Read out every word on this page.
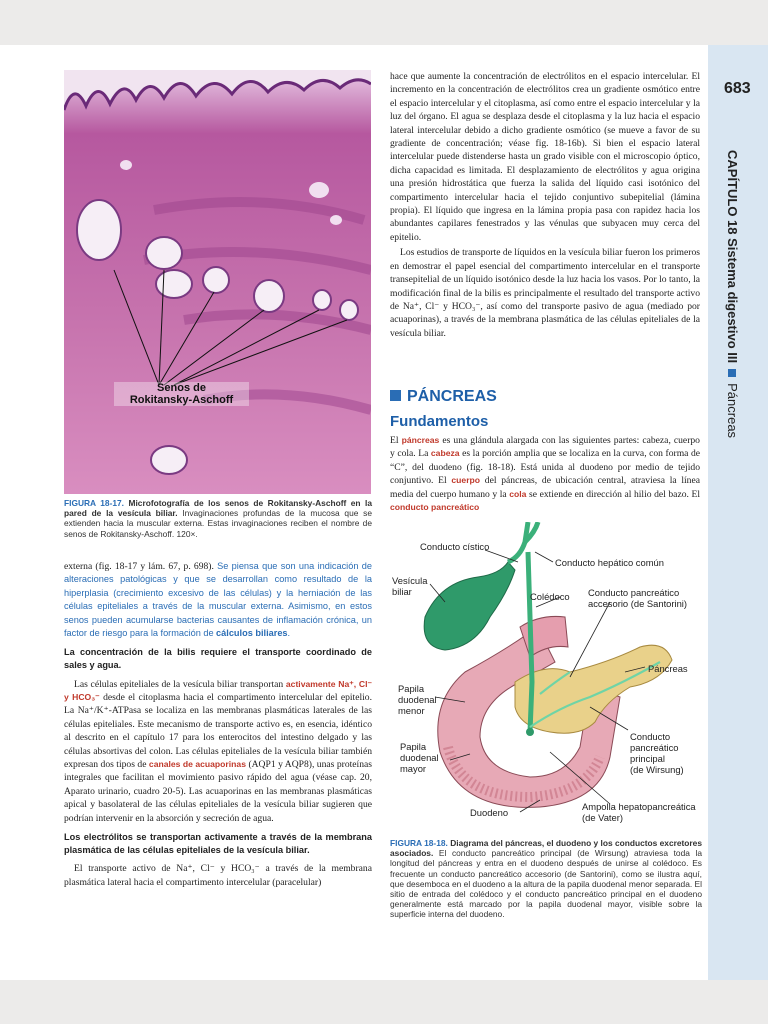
683
CAPÍTULO 18 Sistema digestivo IIIPáncreas
Senos de
Rokitansky-Aschoff
FIGURA 18-17. Microfotografía de los senos de Rokitansky-Aschoff en la pared de la vesícula biliar. Invaginaciones profundas de la mucosa que se extienden hacia la muscular externa. Estas invaginaciones reciben el nombre de senos de Rokitansky-Aschoff. 120×.

externa (fig. 18-17 y lám. 67, p. 698). Se piensa que son una indicación de alteraciones patológicas y que se desarrollan como resultado de la hiperplasia (crecimiento excesivo de las células) y la herniación de las células epiteliales a través de la muscular externa. Asimismo, en estos senos pueden acumularse bacterias causantes de inflamación crónica, un factor de riesgo para la formación de cálculos biliares.

La concentración de la bilis requiere el transporte coordinado de sales y agua.

Las células epiteliales de la vesícula biliar transportan activamente Na⁺, Cl⁻ y HCO₃⁻ desde el citoplasma hacia el compartimento intercelular del epitelio. La Na⁺/K⁺-ATPasa se localiza en las membranas plasmáticas laterales de las células epiteliales. Este mecanismo de transporte activo es, en esencia, idéntico al descrito en el capítulo 17 para los enterocitos del intestino delgado y las células absortivas del colon. Las células epiteliales de la vesícula biliar también expresan dos tipos de canales de acuaporinas (AQP1 y AQP8), unas proteínas integrales que facilitan el movimiento pasivo rápido del agua (véase cap. 20, Aparato urinario, cuadro 20-5). Las acuaporinas en las membranas plasmáticas apical y basolateral de las células epiteliales de la vesícula biliar sugieren que podrían intervenir en la absorción y secreción de agua.

Los electrólitos se transportan activamente a través de la membrana plasmática de las células epiteliales de la vesícula biliar.

El transporte activo de Na⁺, Cl⁻ y HCO₃⁻ a través de la membrana plasmática lateral hacia el compartimento intercelular (paracelular)

hace que aumente la concentración de electrólitos en el espacio intercelular. El incremento en la concentración de electrólitos crea un gradiente osmótico entre el espacio intercelular y el citoplasma, así como entre el espacio intercelular y la luz del órgano. El agua se desplaza desde el citoplasma y la luz hacia el espacio lateral intercelular debido a dicho gradiente osmótico (se mueve a favor de su gradiente de concentración; véase fig. 18-16b). Si bien el espacio lateral intercelular puede distenderse hasta un grado visible con el microscopio óptico, dicha capacidad es limitada. El desplazamiento de electrólitos y agua origina una presión hidrostática que fuerza la salida del líquido casi isotónico del compartimento intercelular hacia el tejido conjuntivo subepitelial (lámina propia). El líquido que ingresa en la lámina propia pasa con rapidez hacia los abundantes capilares fenestrados y las vénulas que subyacen muy cerca del epitelio.

Los estudios de transporte de líquidos en la vesícula biliar fueron los primeros en demostrar el papel esencial del compartimento intercelular en el transporte transepitelial de un líquido isotónico desde la luz hacia los vasos. Por lo tanto, la modificación final de la bilis es principalmente el resultado del transporte activo de Na⁺, Cl⁻ y HCO₃⁻, así como del transporte pasivo de agua (mediado por acuaporinas), a través de la membrana plasmática de las células epiteliales de la vesícula biliar.

PÁNCREAS
Fundamentos

El páncreas es una glándula alargada con las siguientes partes: cabeza, cuerpo y cola. La cabeza es la porción amplia que se localiza en la curva, con forma de “C”, del duodeno (fig. 18-18). Está unida al duodeno por medio de tejido conjuntivo. El cuerpo del páncreas, de ubicación central, atraviesa la línea media del cuerpo humano y la cola se extiende en dirección al hilio del bazo. El conducto pancreático

Conducto cístico
Conducto hepático común
Vesícula biliar	Colédoco Conducto pancreático accesorio (de Santorini)
Páncreas
Papila duodenal menor
Conducto pancreático principal (de Wirsung)
Papila duodenal mayor
Duodeno
Ampolla hepatopancreática (de Vater)
FIGURA 18-18. Diagrama del páncreas, el duodeno y los conductos excretores asociados. El conducto pancreático principal (de Wirsung) atraviesa toda la longitud del páncreas y entra en el duodeno después de unirse al colédoco. Es frecuente un conducto pancreático accesorio (de Santorini), como se ilustra aquí, que desemboca en el duodeno a la altura de la papila duodenal menor separada. El sitio de entrada del colédoco y el conducto pancreático principal en el duodeno generalmente está marcado por la papila duodenal mayor, visible sobre la superficie interna del duodeno.
